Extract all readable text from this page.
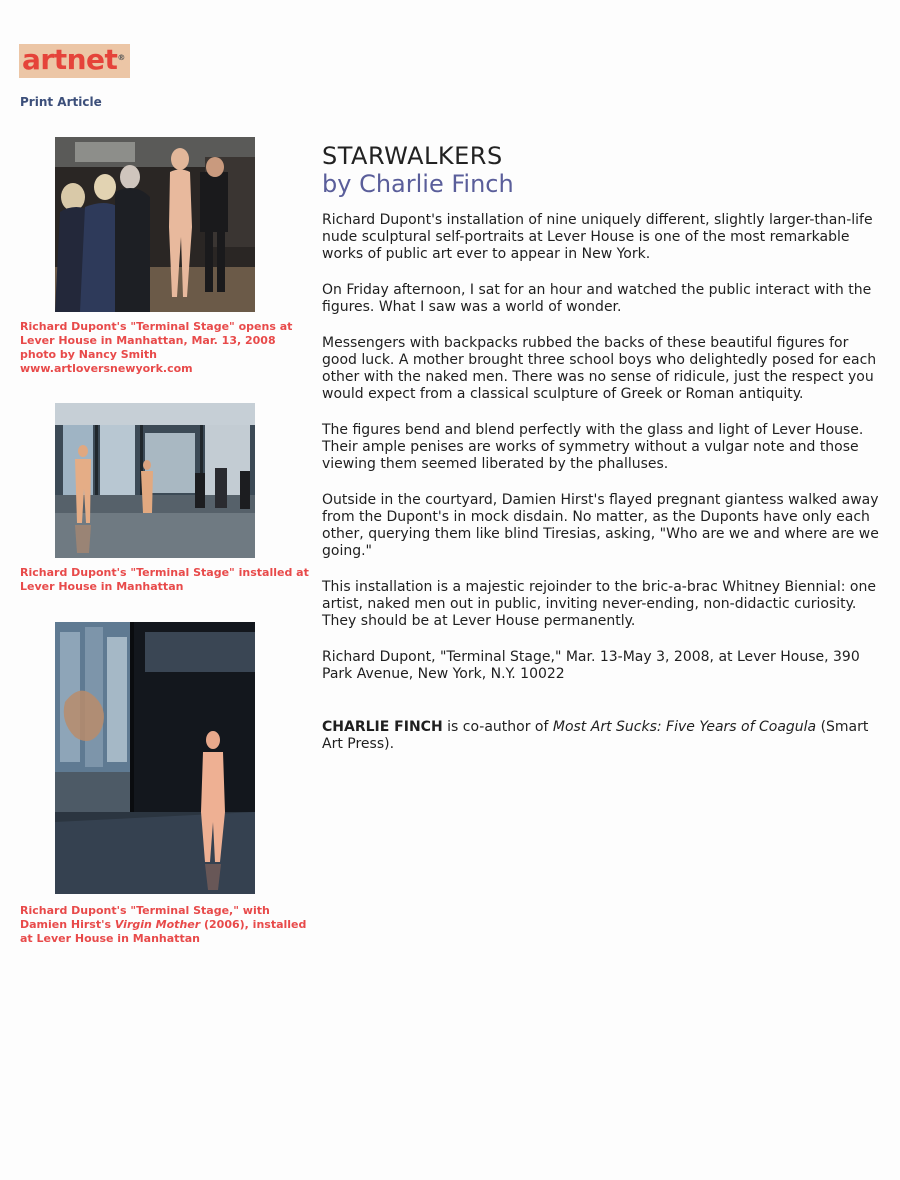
artnet®
Print Article
Richard Dupont's "Terminal Stage" opens at
Lever House in Manhattan, Mar. 13, 2008
photo by Nancy Smith
www.artloversnewyork.com
Richard Dupont's "Terminal Stage" installed at
Lever House in Manhattan
Richard Dupont's "Terminal Stage," with
Damien Hirst's Virgin Mother (2006), installed
at Lever House in Manhattan
STARWALKERS
by Charlie Finch

Richard Dupont's installation of nine uniquely different, slightly larger-than-life nude sculptural self-portraits at Lever House is one of the most remarkable works of public art ever to appear in New York.

On Friday afternoon, I sat for an hour and watched the public interact with the figures. What I saw was a world of wonder.

Messengers with backpacks rubbed the backs of these beautiful figures for good luck. A mother brought three school boys who delightedly posed for each other with the naked men. There was no sense of ridicule, just the respect you would expect from a classical sculpture of Greek or Roman antiquity.

The figures bend and blend perfectly with the glass and light of Lever House. Their ample penises are works of symmetry without a vulgar note and those viewing them seemed liberated by the phalluses.

Outside in the courtyard, Damien Hirst's flayed pregnant giantess walked away from the Dupont's in mock disdain. No matter, as the Duponts have only each other, querying them like blind Tiresias, asking, "Who are we and where are we going."

This installation is a majestic rejoinder to the bric-a-brac Whitney Biennial: one artist, naked men out in public, inviting never-ending, non-didactic curiosity. They should be at Lever House permanently.

Richard Dupont, "Terminal Stage," Mar. 13-May 3, 2008, at Lever House, 390 Park Avenue, New York, N.Y. 10022

CHARLIE FINCH is co-author of Most Art Sucks: Five Years of Coagula (Smart Art Press).
